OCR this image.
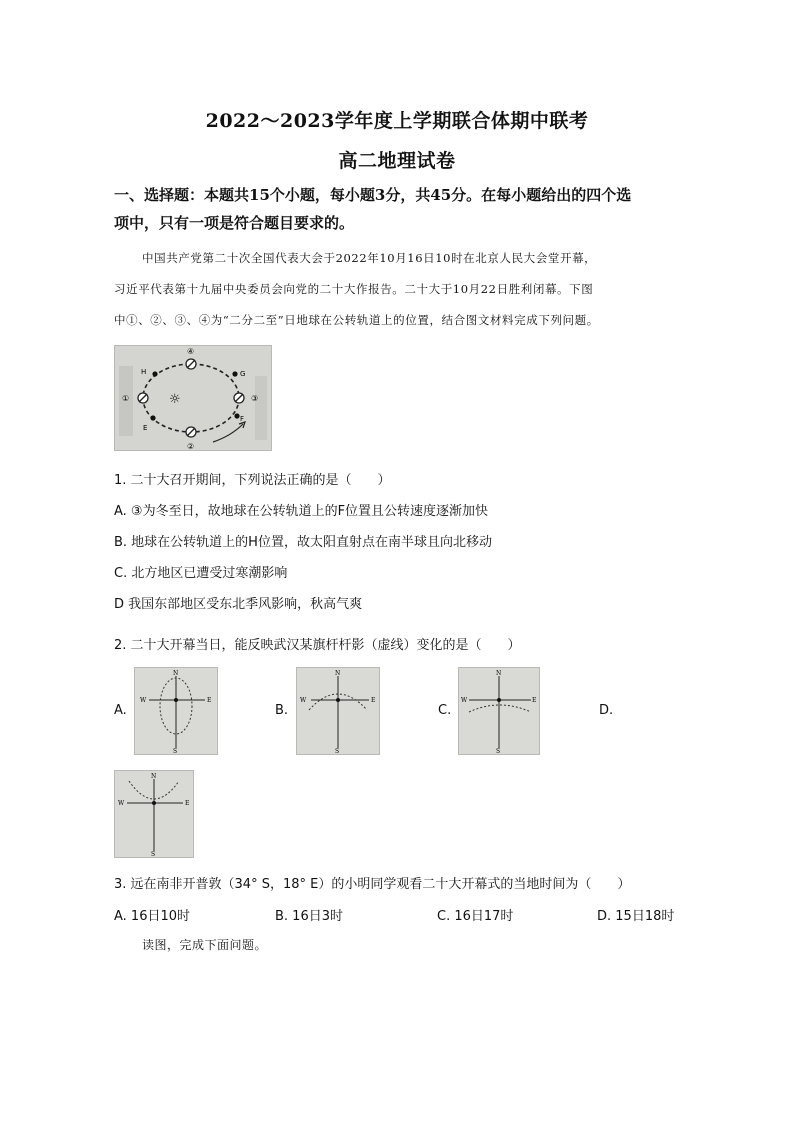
2022～2023学年度上学期联合体期中联考
高二地理试卷
一、选择题：本题共15个小题，每小题3分，共45分。在每小题给出的四个选
项中，只有一项是符合题目要求的。
中国共产党第二十次全国代表大会于2022年10月16日10时在北京人民大会堂开幕，
习近平代表第十九届中央委员会向党的二十大作报告。二十大于10月22日胜利闭幕。下图
中①、②、③、④为“二分二至”日地球在公转轨道上的位置，结合图文材料完成下列问题。
④
②
①	③
H	G
E
F
☼
1. 二十大召开期间，下列说法正确的是（　　）
A. ③为冬至日，故地球在公转轨道上的F位置且公转速度逐渐加快
B. 地球在公转轨道上的H位置，故太阳直射点在南半球且向北移动
C. 北方地区已遭受过寒潮影响
D 我国东部地区受东北季风影响，秋高气爽
2. 二十大开幕当日，能反映武汉某旗杆杆影（虚线）变化的是（　　）
A.
N
S
W	E
B.
N
S
W	E
C.
N
S
W	E
D.
N
S
W	E
3. 远在南非开普敦（34° S，18° E）的小明同学观看二十大开幕式的当地时间为（　　）
A. 16日10时	B. 16日3时	C. 16日17时	D. 15日18时
读图，完成下面问题。
